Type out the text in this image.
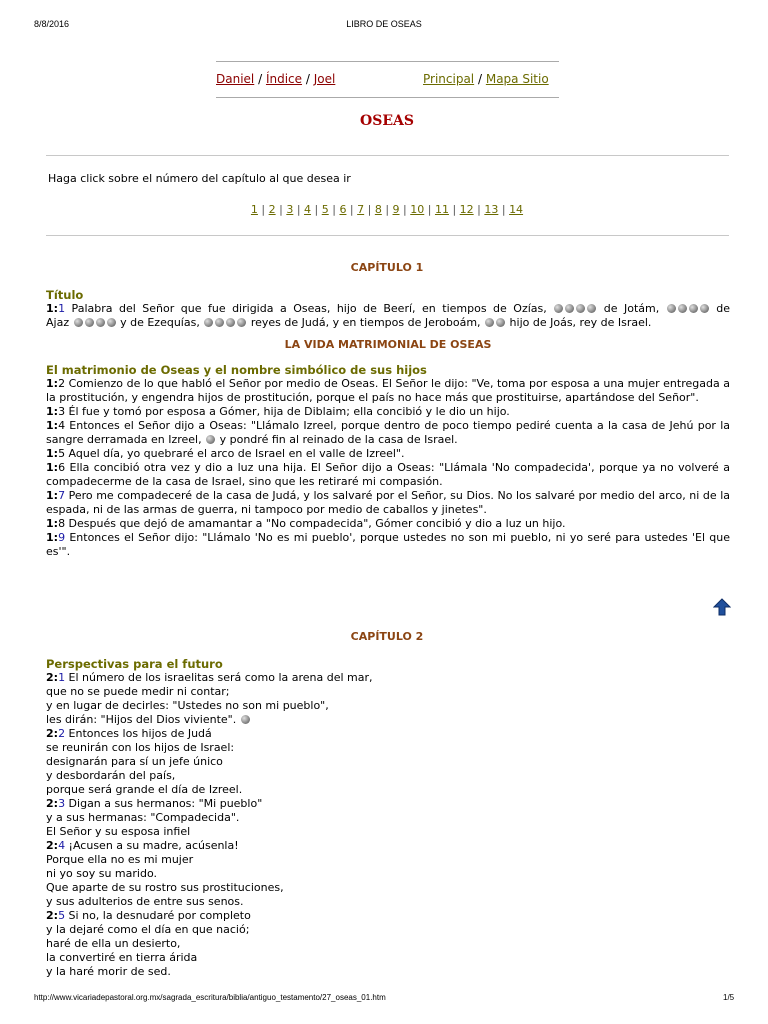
8/8/2016	LIBRO DE OSEAS
Daniel / Índice / Joel	Principal / Mapa Sitio
OSEAS
Haga click sobre el número del capítulo al que desea ir
1 | 2 | 3 | 4 | 5 | 6 | 7 | 8 | 9 | 10 | 11 | 12 | 13 | 14
CAPÍTULO 1
Título
1:1 Palabra del Señor que fue dirigida a Oseas, hijo de Beerí, en tiempos de Ozías,	de Jotám,	de
Ajaz	y de Ezequías,	reyes de Judá, y en tiempos de Jeroboám,  hijo de Joás, rey de Israel.
LA VIDA MATRIMONIAL DE OSEAS
El matrimonio de Oseas y el nombre simbólico de sus hijos
1:2 Comienzo de lo que habló el Señor por medio de Oseas. El Señor le dijo: "Ve, toma por esposa a una mujer entregada a la prostitución, y engendra hijos de prostitución, porque el país no hace más que prostituirse, apartándose del Señor".
1:3 Él fue y tomó por esposa a Gómer, hija de Diblaim; ella concibió y le dio un hijo.
1:4 Entonces el Señor dijo a Oseas: "Llámalo Izreel, porque dentro de poco tiempo pediré cuenta a la casa de Jehú por la sangre derramada en Izreel,  y pondré fin al reinado de la casa de Israel.
1:5 Aquel día, yo quebraré el arco de Israel en el valle de Izreel".
1:6 Ella concibió otra vez y dio a luz una hija. El Señor dijo a Oseas: "Llámala 'No compadecida', porque ya no volveré a compadecerme de la casa de Israel, sino que les retiraré mi compasión.
1:7 Pero me compadeceré de la casa de Judá, y los salvaré por el Señor, su Dios. No los salvaré por medio del arco, ni de la espada, ni de las armas de guerra, ni tampoco por medio de caballos y jinetes".
1:8 Después que dejó de amamantar a "No compadecida", Gómer concibió y dio a luz un hijo.
1:9 Entonces el Señor dijo: "Llámalo 'No es mi pueblo', porque ustedes no son mi pueblo, ni yo seré para ustedes 'El que es'".
CAPÍTULO 2
Perspectivas para el futuro
2:1 El número de los israelitas será como la arena del mar,
que no se puede medir ni contar;
y en lugar de decirles: "Ustedes no son mi pueblo",
les dirán: "Hijos del Dios viviente".
2:2 Entonces los hijos de Judá
se reunirán con los hijos de Israel:
designarán para sí un jefe único
y desbordarán del país,
porque será grande el día de Izreel.
2:3 Digan a sus hermanos: "Mi pueblo"
y a sus hermanas: "Compadecida".
El Señor y su esposa infiel
2:4 ¡Acusen a su madre, acúsenla!
Porque ella no es mi mujer
ni yo soy su marido.
Que aparte de su rostro sus prostituciones,
y sus adulterios de entre sus senos.
2:5 Si no, la desnudaré por completo
y la dejaré como el día en que nació;
haré de ella un desierto,
la convertiré en tierra árida
y la haré morir de sed.
http://www.vicariadepastoral.org.mx/sagrada_escritura/biblia/antiguo_testamento/27_oseas_01.htm	1/5
